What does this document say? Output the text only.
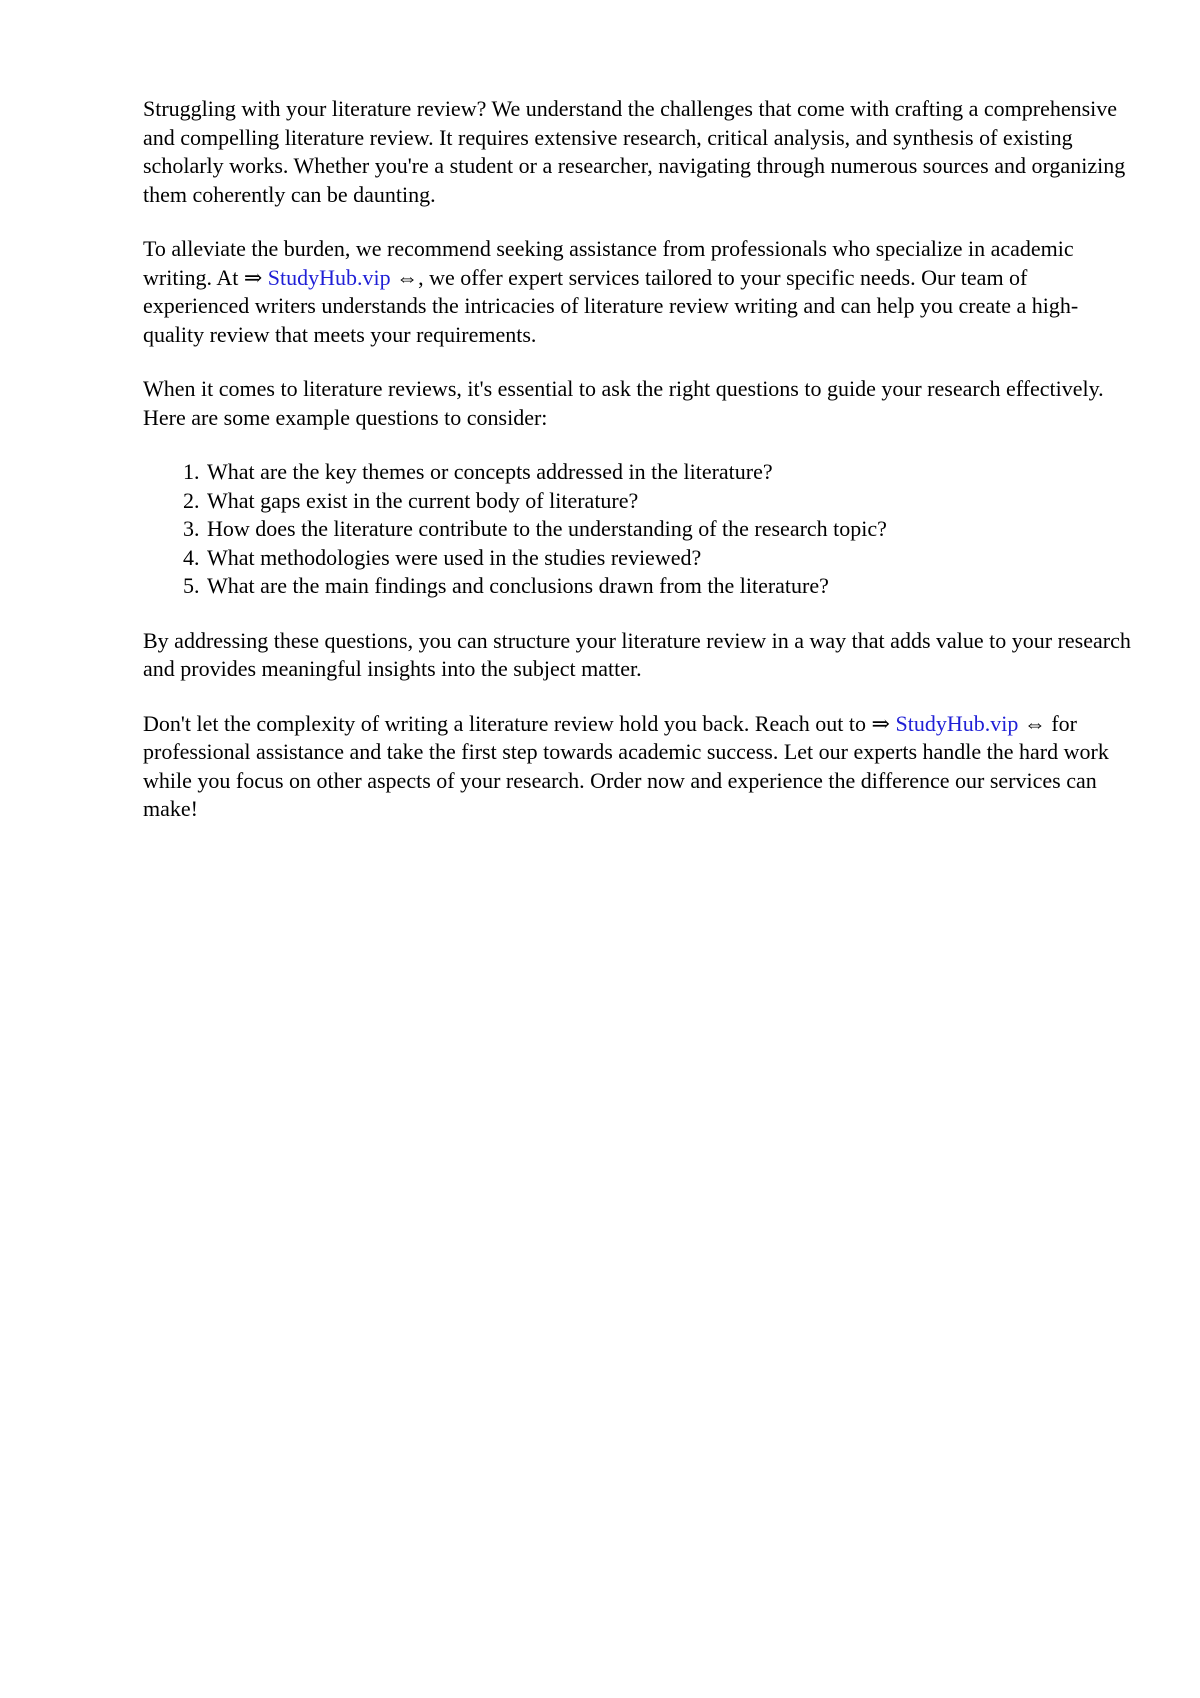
Struggling with your literature review? We understand the challenges that come with crafting a comprehensive and compelling literature review. It requires extensive research, critical analysis, and synthesis of existing scholarly works. Whether you're a student or a researcher, navigating through numerous sources and organizing them coherently can be daunting.

To alleviate the burden, we recommend seeking assistance from professionals who specialize in academic writing. At ⇒ StudyHub.vip ⇔, we offer expert services tailored to your specific needs. Our team of experienced writers understands the intricacies of literature review writing and can help you create a high-quality review that meets your requirements.

When it comes to literature reviews, it's essential to ask the right questions to guide your research effectively. Here are some example questions to consider:

1. What are the key themes or concepts addressed in the literature?
2. What gaps exist in the current body of literature?
3. How does the literature contribute to the understanding of the research topic?
4. What methodologies were used in the studies reviewed?
5. What are the main findings and conclusions drawn from the literature?

By addressing these questions, you can structure your literature review in a way that adds value to your research and provides meaningful insights into the subject matter.

Don't let the complexity of writing a literature review hold you back. Reach out to ⇒ StudyHub.vip ⇔ for professional assistance and take the first step towards academic success. Let our experts handle the hard work while you focus on other aspects of your research. Order now and experience the difference our services can make!
